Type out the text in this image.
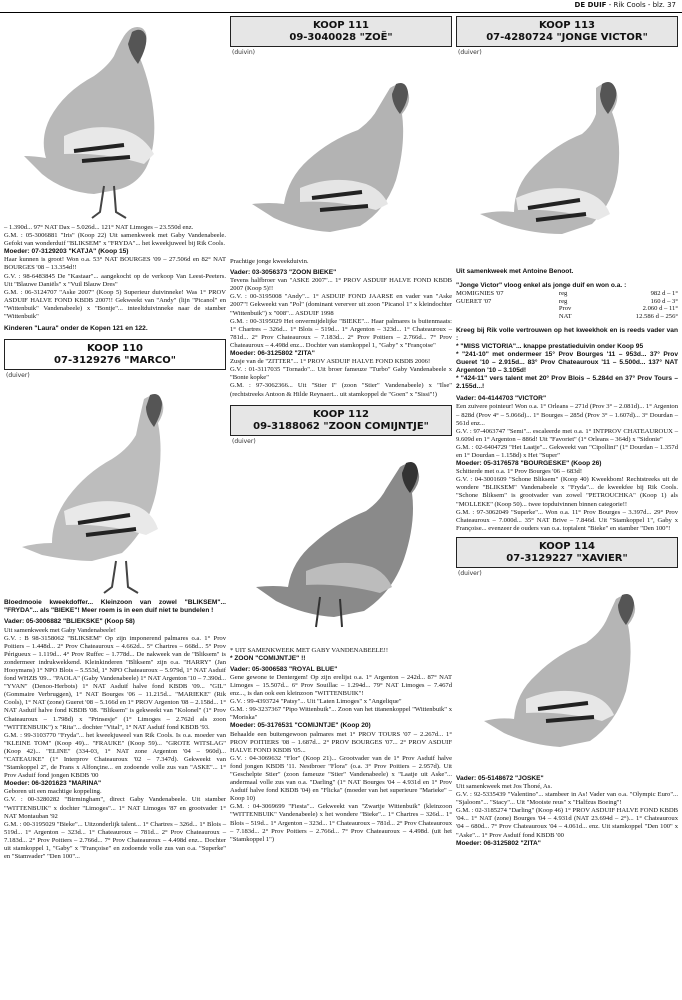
DE DUIF - Rik Cools - blz. 37

– 1.390d... 97° NAT Dax – 5.026d... 121° NAT Limoges – 23.550d enz.

G.M. : 05-3006881 "Iris" (Koop 22) Uit samenkweek met Gaby Vandenabeele. Gefokt van wonderduif "BLIKSEM" x "FRYDA"... het kweekjuweel bij Rik Cools.

Moeder: 07-3129203 "KATJA" (Koop 15)

Haar kunnen is groot! Won o.a. 53° NAT BOURGES '09 – 27.506d en 82° NAT BOURGES '08 – 13.354d!!

G.V. : 98-6483845 De "Kastaar"... aangekocht op de verkoop Van Leest-Peeters. Uit "Blauwe Daniëls" x "Vuil Blauw Dres"

G.M. : 06-3124707 "Aske 2007" (Koop 5) Superieur duivinneke! Was 1° PROV ASDUIF HALVE FOND KBDB 2007!! Gekweekt van "Andy" (lijn "Picanol" en "Wittenbuik" Vandenabeele) x "Bontje"... inteeltduivinneke naar de stamber "Wittenbuik"

Kinderen "Laura" onder de Kopen 121 en 122.

KOOP 110
07-3129276 "MARCO"
(duiver)

Bloedmooie kweekdoffer... Kleinzoon van zowel "BLIKSEM"... "FRYDA"... als "BIEKE"! Meer roem is in een duif niet te bundelen !

Vader: 05-3006882 "BLIEKSKE" (Koop 58)

Uit samenkweek met Gaby Vandenabeele!

G.V. : B 98-3158062 "BLIKSEM" Op zijn imponerend palmares o.a. 1° Prov Poitiers – 1.448d... 2° Prov Chateauroux – 4.662d... 5° Chartres – 668d... 5° Prov Périgueux – 1.119d... 4° Prov Ruffec – 1.778d... De nakweek van de "Bliksem" is zondermeer indrukwekkend. Kleinkinderen "Bliksem" zijn o.a. "HARRY" (Jan Hooymans) 1° NPO Blois – 5.553d, 1° NPO Chateauroux – 5.979d, 1° NAT Asduif fond WHZB '09... "PAOLA" (Gaby Vandenabeele) 1° NAT Argenton '10 – 7.390d... "YVAN" (Denoo-Herbots) 1° NAT Asduif halve fond KBDB '09... "GIL" (Gommaire Verbruggen), 1° NAT Bourges '06 – 11.215d... "MARIEKE" (Rik Cools), 1° NAT (zone) Gueret '08 – 5.166d en 1° PROV Argenton '08 – 2.158d... 1° NAT Asduif halve fond KBDB '08. "Bliksem" is gekweekt van "Kolonel" (1° Prov Chateauroux – 1.798d) x "Prinsesje" (1° Limoges – 2.762d als zoon "WITTENBUIK") x "Rita"... dochter "Vital", 1° NAT Asduif fond KBDB '93.

G.M. : 99-3103770 "Fryda"... het kweekjuweel van Rik Cools. Is o.a. moeder van "KLEINE TOM" (Koop 49)... "FRAUKE" (Koop 59)... "GROTE WITSLAG" (Koop 42)... "ELINE" (334-03, 1° NAT zone Argenton '04 – 960d)... "CATEAUKE" (1° Interprov Chateauroux '02 – 7.347d). Gekweekt van "Stamkoppel 2", de Frans x Alfonçine... en zodoende volle zus van "ASKE"... 1° Prov Asduif fond jongen KBDB '00

Moeder: 06-3201623 "MARINA"

Geboren uit een machtige koppeling.

G.V. : 00-3280282 "Birmingham", direct Gaby Vandenabeele. Uit stamber "WITTENBUIK" x dochter "Limoges"... 1° NAT Limoges '87 en grootvader 1° NAT Montauban '92

G.M. : 00-3195029 "Bieke"... Uitzonderlijk talent... 1° Chartres – 326d... 1° Blois – 519d... 1° Argenton – 323d... 1° Chateauroux – 781d... 2° Prov Chateauroux – 7.183d... 2° Prov Poitiers – 2.766d... 7° Prov Chateauroux – 4.498d enz... Dochter uit stamkoppel 1, "Gaby" x "Françoise" en zodoende volle zus van o.a. "Superke" en "Stamvader" "Den 100"...

KOOP 111
09-3040028 "ZOË"
(duivin)

Prachtige jonge kweekduivin.

Vader: 03-3056373 "ZOON BIEKE"

Tevens halfbroer van "ASKE 2007"... 1° PROV ASDUIF HALVE FOND KBDB 2007 (Koop 5)!!

G.V. : 00-3195008 "Andy"... 1° ASDUIF FOND JAARSE en vader van "Aske 2007"! Gekweekt van "Pol" (dominant vererver uit zoon "Picanol 1" x kleindochter "Wittenbuik") x "008"... ASDUIF 1998

G.M. : 00-3195029 Het onvermijdelijke "BIEKE"... Haar palmares is buitenmaats: 1° Chartres – 326d... 1° Blois – 519d... 1° Argenton – 323d... 1° Chateauroux – 781d... 2° Prov Chateauroux – 7.183d... 2° Prov Poitiers – 2.766d... 7° Prov Chateauroux – 4.498d enz... Dochter van stamkoppel 1, "Gaby" x "Françoise"

Moeder: 06-3125802 "ZITA"

Zusje van de "ZITTER"... 1° PROV ASDUIF HALVE FOND KBDB 2006!

G.V. : 01-3117035 "Tornado"... Uit broer fameuze "Turbo" Gaby Vandenabeele x "Bonte kopke"

G.M. : 97-3062366... Uit "Stier I" (zoon "Stier" Vandenabeele) x "Ilse" (rechtstreeks Antoon & Hilde Reynaert... uit stamkoppel de "Goen" x "Sissi"!)

KOOP 112
09-3188062 "ZOON COMIJNTJE"
(duiver)

* UIT SAMENKWEEK MET GABY VANDENABEELE!!

* ZOON "COMIJNTJE" !!

Vader: 05-3006583 "ROYAL BLUE"

Gene gewone te Dentergem! Op zijn erelijst o.a. 1° Argenton – 242d... 87° NAT Limoges – 15.507d... 6° Prov Souillac – 1.294d... 79° NAT Limoges – 7.467d enz..., is dan ook een kleinzoon "WITTENBUIK"!

G.V. : 99-4393724 "Patsy"... Uit "Laten Limoges" x "Angelique"

G.M. : 99-3237367 "Pipo Wittenbuik"... Zoon van het titanenkoppel "Wittenbuik" x "Moriska"

Moeder: 05-3176531 "COMIJNTJE" (Koop 20)

Behaalde een buitengewoon palmares met 1° PROV TOURS '07 – 2.267d... 1° PROV POITIERS '08 – 1.687d... 2° PROV BOURGES '07... 2° PROV ASDUIF HALVE FOND KBDB '05...

G.V. : 04-3069632 "Flor" (Koop 21)... Grootvader van de 1° Prov Asduif halve fond jongen KBDB '11. Nestbroer "Flora" (o.a. 3° Prov Poitiers – 2.957d). Uit "Geschelpte Stier" (zoon fameuze "Stier" Vandenabeele) x "Laatje uit Aske"... andermaal volle zus van o.a. "Darling" (1° NAT Bourges '04 – 4.931d en 1° Prov Asduif halve fond KBDB '04) en "Flicka" (moeder van het superieure "Marieke" – Koop 10)

G.M. : 04-3069699 "Fiesta"... Gekweekt van "Zwartje Wittenbuik" (kleinzoon "WITTENBUIK" Vandenabeele) x het wondere "Bieke"... 1° Chartres – 326d... 1° Blois – 519d... 1° Argenton – 323d... 1° Chateauroux – 781d... 2° Prov Chateauroux – 7.183d... 2° Prov Poitiers – 2.766d... 7° Prov Chateauroux – 4.498d. (uit het "Stamkoppel 1")

KOOP 113
07-4280724 "JONGE VICTOR"
(duiver)

Uit samenkweek met Antoine Benoot.

"Jonge Victor" vloog enkel als jonge duif en won o.a. :

MOMIGNIES '07	reg	982 d – 1°
GUERET '07	reg	160 d – 3°
	Prov	2.060 d – 11°
	NAT	12.586 d – 256°

Kreeg bij Rik volle vertrouwen op het kweekhok en is reeds vader van :

* "MISS VICTORIA"... knappe prestatieduivin onder Koop 95

* "241-10" met ondermeer 15° Prov Bourges '11 – 953d... 37° Prov Gueret '10 – 2.915d... 83° Prov Chateauroux '11 – 5.500d... 137° NAT Argenton '10 – 3.105d!

* "424-11" vers talent met 20° Prov Blois – 5.284d en 37° Prov Tours – 2.155d...!

Vader: 04-4144703 "VICTOR"

Een zuivere pointeur! Won o.a. 1° Orleans – 271d (Prov 3° – 2.081d)... 1° Argenton – 828d (Prov 4° – 5.066d)... 1° Bourges – 285d (Prov 3° – 1.607d)... 3° Dourdan – 561d enz...

G.V. : 97-4063747 "Semi"... escaleerde met o.a. 1° INTPROV CHATEAUROUX – 9.609d en 1° Argenton – 886d! Uit "Favoriet" (1° Orleans – 364d) x "Sidonie"

G.M. : 02-6404729 "Het Laatje"... Gekweekt van "Cipollini" (1° Dourdan – 1.357d en 1° Dourdan – 1.158d) x Het "Super"

Moeder: 05-3176578 "BOURGESKE" (Koop 26)

Schitterde met o.a. 1° Prov Bourges '06 – 683d!

G.V. : 04-3001609 "Schone Bliksem" (Koop 40) Kweekbom! Rechtstreeks uit de wondere "BLIKSEM" Vandenabeele x "Fryda"... de kweekfee bij Rik Cools. "Schone Bliksem" is grootvader van zowel "PETROUCHKA" (Koop 1) als "MOLLEKE" (Koop 50)... twee topduivinnen binnen categorie!!

G.M. : 97-3062049 "Superke"... Won o.a. 11° Prov Bourges – 3.397d... 29° Prov Chateauroux – 7.000d... 35° NAT Brive – 7.846d. Uit "Stamkoppel 1", Gaby x Françoise... evenzeer de ouders van o.a. toptalent "Bieke" en stamber "Den 100"!

KOOP 114
07-3129227 "XAVIER"
(duiver)

Vader: 05-5148672 "JOSKE"

Uit samenkweek met Jos Thoné, As.

G.V. : 92-5335439 "Valentino"... stambeer in As! Vader van o.a. "Olympic Euro"... "Sjaloom"... "Stacy"... Uit "Mooiste reus" x "Halfzus Boeing"!

G.M. : 02-3185274 "Darling" (Koop 46) 1° PROV ASDUIF HALVE FOND KBDB '04... 1° NAT (zone) Bourges '04 – 4.931d (NAT 23.694d – 2°)... 1° Chateauroux '04 – 680d... 7° Prov Chateauroux '04 – 4.061d... enz. Uit stamkoppel "Den 100" x "Aske"... 1° Prov Asduif fond KBDB '00

Moeder: 06-3125802 "ZITA"
